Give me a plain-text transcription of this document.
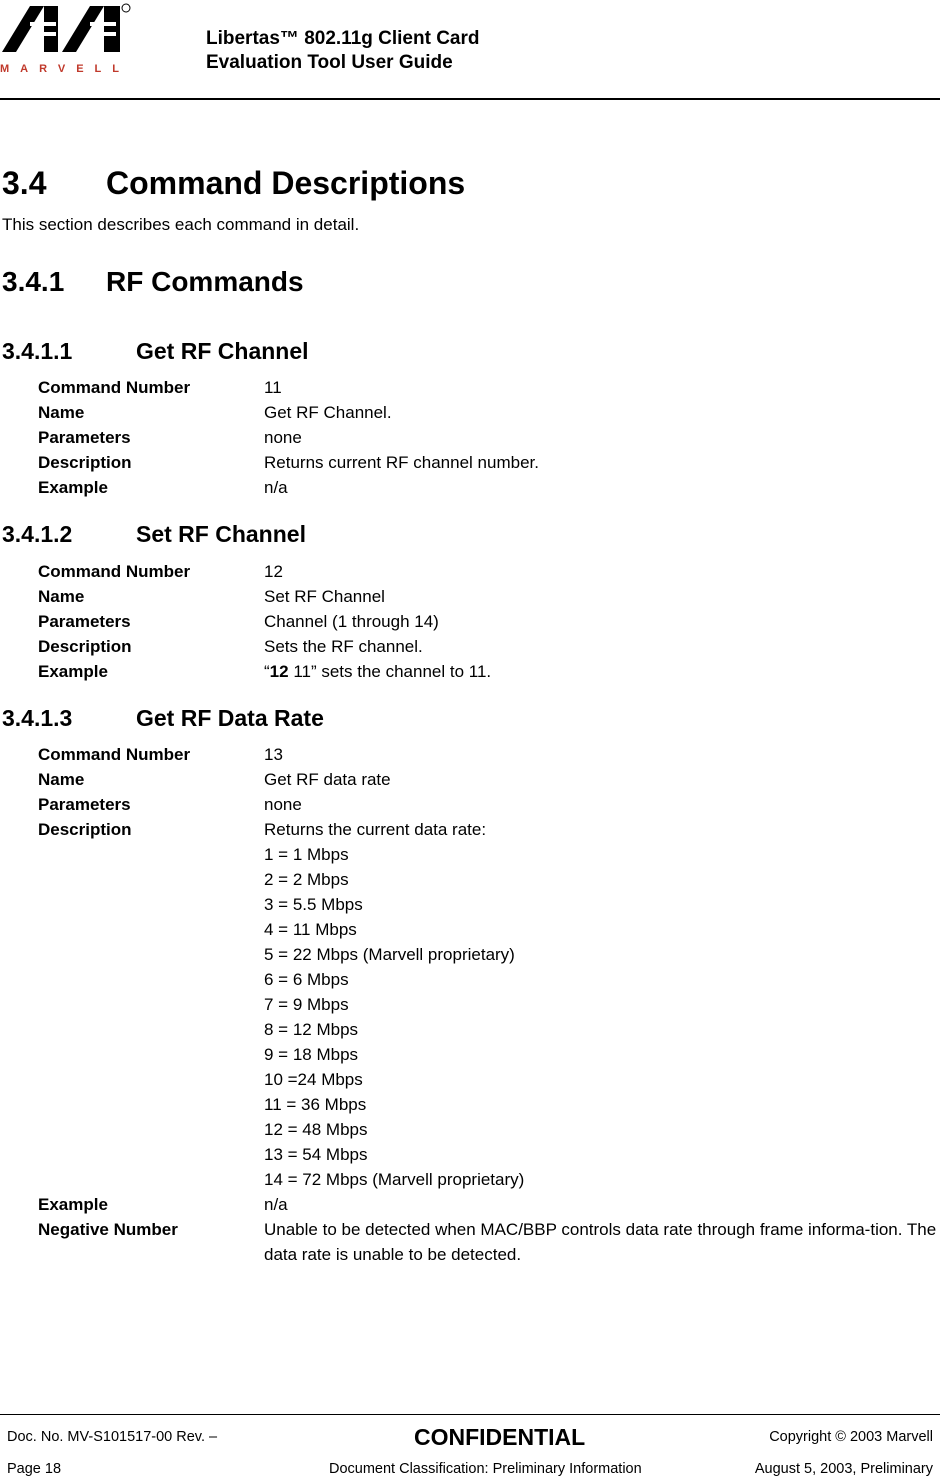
MARVELL
Libertas™ 802.11g Client Card
Evaluation Tool User Guide
3.4 Command Descriptions
This section describes each command in detail.
3.4.1 RF Commands
3.4.1.1	Get RF Channel
Command Number	11
Name	Get RF Channel.
Parameters	none
Description	Returns current RF channel number.
Example	n/a
3.4.1.2	Set RF Channel
Command Number	12
Name	Set RF Channel
Parameters	Channel (1 through 14)
Description	Sets the RF channel.
Example	“12 11” sets the channel to 11.
3.4.1.3	Get RF Data Rate
Command Number	13
Name	Get RF data rate
Parameters	none
Description	Returns the current data rate:
1 = 1 Mbps
2 = 2 Mbps
3 = 5.5 Mbps
4 = 11 Mbps
5 = 22 Mbps (Marvell proprietary)
6 = 6 Mbps
7 = 9 Mbps
8 = 12 Mbps
9 = 18 Mbps
10 =24 Mbps
11 = 36 Mbps
12 = 48 Mbps
13 = 54 Mbps
14 = 72 Mbps (Marvell proprietary)
Example	n/a
Negative Number	Unable to be detected when MAC/BBP controls data rate through frame informa-tion. The data rate is unable to be detected.
Doc. No. MV-S101517-00 Rev. –	CONFIDENTIAL	Copyright © 2003 Marvell
Page 18	Document Classification: Preliminary Information	August 5, 2003, Preliminary
